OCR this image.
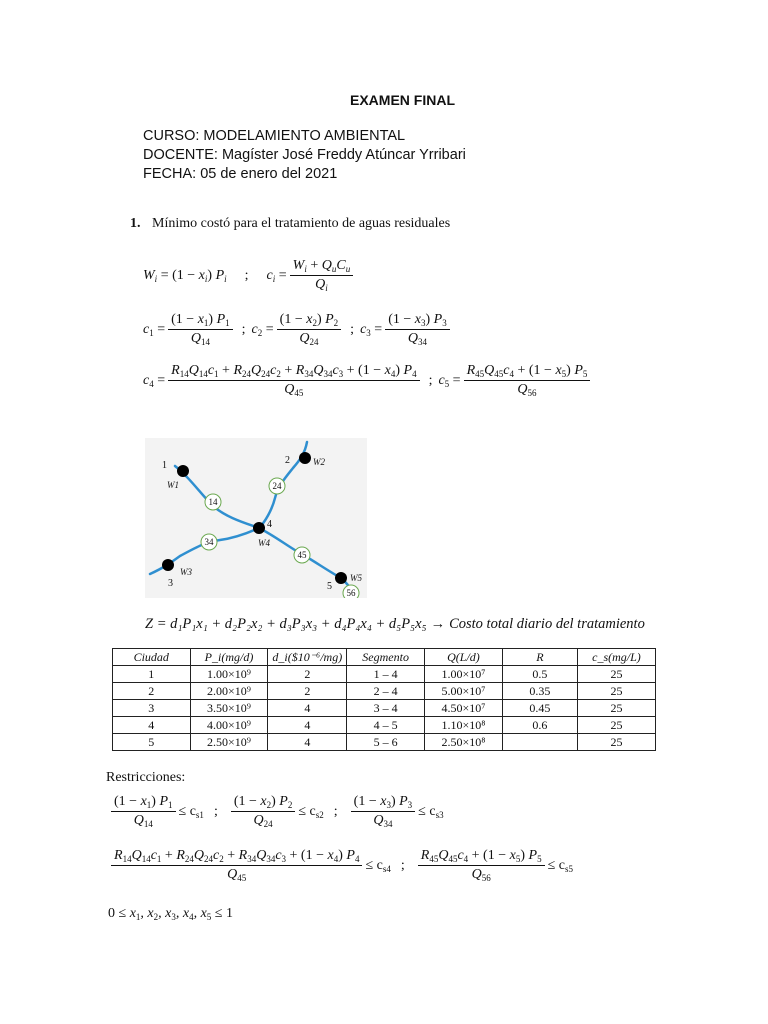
EXAMEN FINAL
CURSO: MODELAMIENTO AMBIENTAL
DOCENTE: Magíster José Freddy Atúncar Yrribari
FECHA: 05 de enero del 2021
1. Mínimo costó para el tratamiento de aguas residuales
$W_i = (1 - x_i)$ $P_i$ ; $c_i = \frac{W_i + Q_uC_u}{Q_i}$
$c_1 = \frac{(1 - x_1) P_1}{Q_{14}}$ ; $c_2 = \frac{(1 - x_2) P_2}{Q_{24}}$ ; $c_3 = \frac{(1 - x_3) P_3}{Q_{34}}$
$c_4 = \frac{R_{14}Q_{14}c_1 + R_{24}Q_{24}c_2 + R_{34}Q_{34}c_3 + (1 - x_4) P_4}{Q_{45}}$ ; $c_5 = \frac{R_{45}Q_{45}c_4 + (1 - x_5) P_5}{Q_{56}}$
14
24
34
45
56
1	2
3
4
5
W1
W2
W3
W4
W5
Z = d₁P₁x₁ + d₂P₂x₂ + d₃P₃x₃ + d₄P₄x₄ + d₅P₅x₅ → Costo total diario del tratamiento
Ciudad	P_i(mg/d)	d_i($10⁻⁶/mg)	Segmento	Q(L/d)	R	c_s(mg/L)
1	1.00×10⁹	2	1 – 4	1.00×10⁷	0.5	25
2	2.00×10⁹	2	2 – 4	5.00×10⁷	0.35	25
3	3.50×10⁹	4	3 – 4	4.50×10⁷	0.45	25
4	4.00×10⁹	4	4 – 5	1.10×10⁸	0.6	25
5	2.50×10⁹	4	5 – 6	2.50×10⁸		25
Restricciones:
$\frac{(1 - x_1) P_1}{Q_{14}} \le c_{s1}$ ; $\frac{(1 - x_2) P_2}{Q_{24}} \le c_{s2}$ ; $\frac{(1 - x_3) P_3}{Q_{34}} \le c_{s3}$
$\frac{R_{14}Q_{14}c_1 + R_{24}Q_{24}c_2 + R_{34}Q_{34}c_3 + (1 - x_4) P_4}{Q_{45}} \le c_{s4}$ ; $\frac{R_{45}Q_{45}c_4 + (1 - x_5) P_5}{Q_{56}} \le c_{s5}$
$0 \le x_1$, $x_2$, $x_3$, $x_4$, $x_5 \le 1$
